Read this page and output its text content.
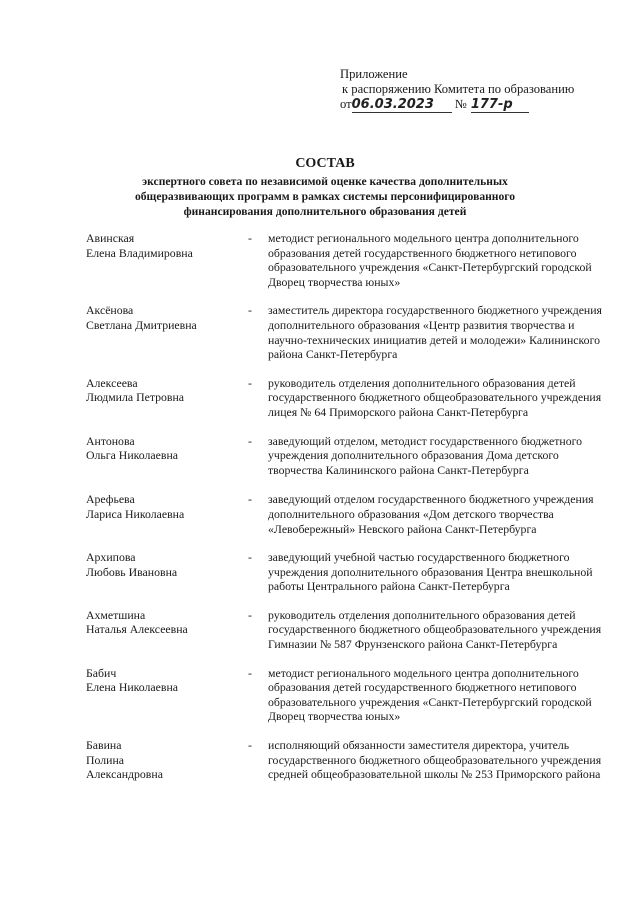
Приложение
к распоряжению Комитета по образованию
от06.03.2023 № 177-р
СОСТАВ
экспертного совета по независимой оценке качества дополнительных
общеразвивающих программ в рамках системы персонифицированного
финансирования дополнительного образования детей
Авинская
Елена Владимировна
-	методист регионального модельного центра дополнительного образования детей государственного бюджетного нетипового образовательного учреждения «Санкт-Петербургский городской Дворец творчества юных»
Аксёнова
Светлана Дмитриевна
-	заместитель директора государственного бюджетного учреждения дополнительного образования «Центр развития творчества и научно-технических инициатив детей и молодежи» Калининского района Санкт-Петербурга
Алексеева
Людмила Петровна
-	руководитель отделения дополнительного образования детей государственного бюджетного общеобразовательного учреждения лицея № 64 Приморского района Санкт-Петербурга
Антонова
Ольга Николаевна
-	заведующий отделом, методист государственного бюджетного учреждения дополнительного образования Дома детского творчества Калининского района Санкт-Петербурга
Арефьева
Лариса Николаевна
-	заведующий отделом государственного бюджетного учреждения дополнительного образования «Дом детского творчества «Левобережный» Невского района Санкт-Петербурга
Архипова
Любовь Ивановна
-	заведующий учебной частью государственного бюджетного учреждения дополнительного образования Центра внешкольной работы Центрального района Санкт-Петербурга
Ахметшина
Наталья Алексеевна
-	руководитель отделения дополнительного образования детей государственного бюджетного общеобразовательного учреждения Гимназии № 587 Фрунзенского района Санкт-Петербурга
Бабич
Елена Николаевна
-	методист регионального модельного центра дополнительного образования детей государственного бюджетного нетипового образовательного учреждения «Санкт-Петербургский городской Дворец творчества юных»
Бавина
Полина
Александровна
-	исполняющий обязанности заместителя директора, учитель государственного бюджетного общеобразовательного учреждения средней общеобразовательной школы № 253 Приморского района
